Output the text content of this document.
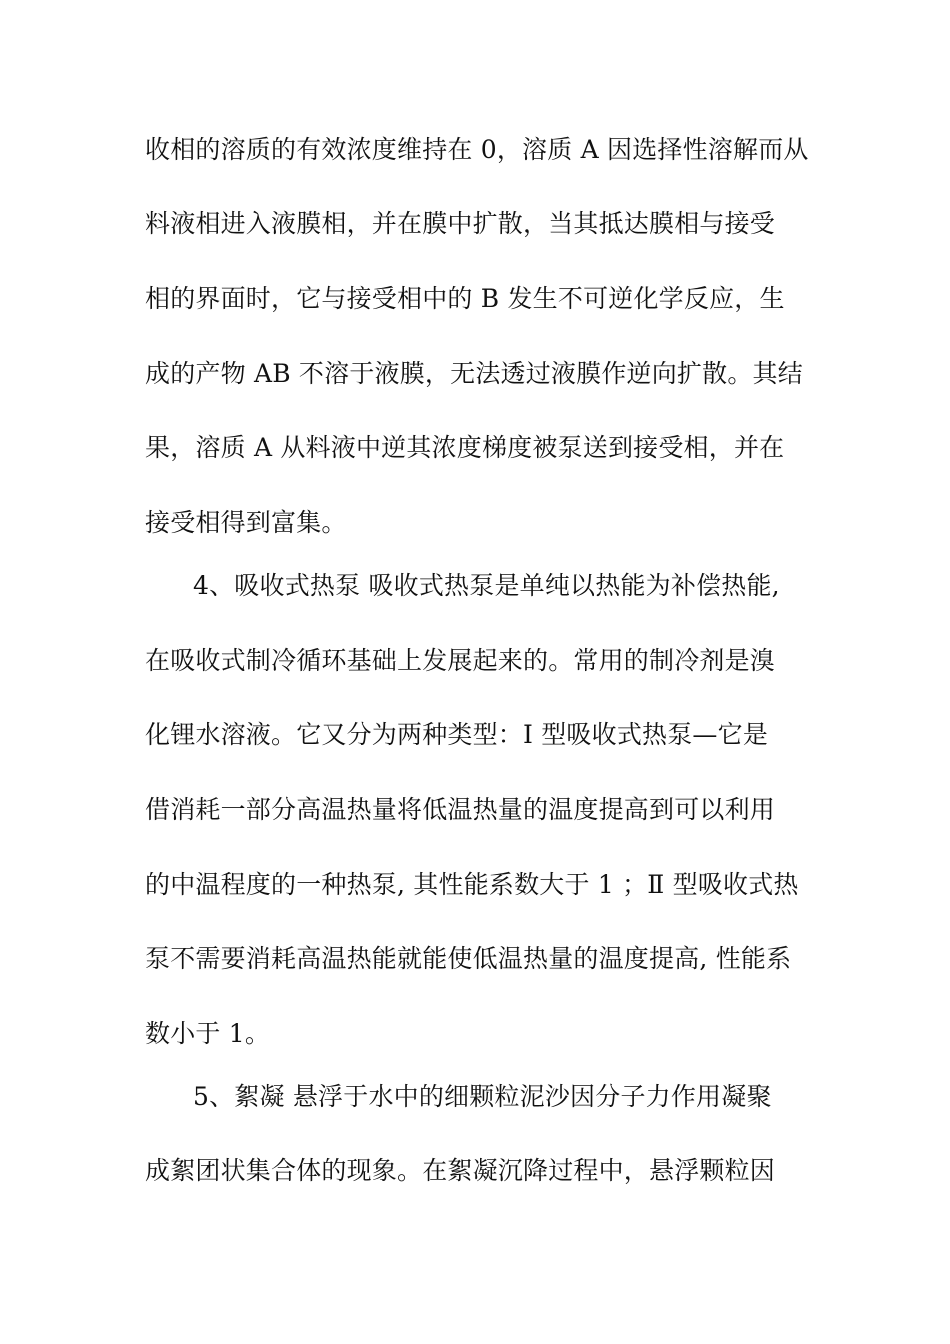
收相的溶质的有效浓度维持在 0，溶质 A 因选择性溶解而从
料液相进入液膜相，并在膜中扩散，当其抵达膜相与接受
相的界面时，它与接受相中的 B 发生不可逆化学反应，生
成的产物 AB 不溶于液膜，无法透过液膜作逆向扩散。其结
果，溶质 A 从料液中逆其浓度梯度被泵送到接受相，并在
接受相得到富集。
4、吸收式热泵 吸收式热泵是单纯以热能为补偿热能,
在吸收式制冷循环基础上发展起来的。常用的制冷剂是溴
化锂水溶液。它又分为两种类型：Ⅰ 型吸收式热泵—它是
借消耗一部分高温热量将低温热量的温度提高到可以利用
的中温程度的一种热泵, 其性能系数大于 1 ；Ⅱ 型吸收式热
泵不需要消耗高温热能就能使低温热量的温度提高, 性能系
数小于 1。
5、絮凝 悬浮于水中的细颗粒泥沙因分子力作用凝聚
成絮团状集合体的现象。在絮凝沉降过程中，悬浮颗粒因
